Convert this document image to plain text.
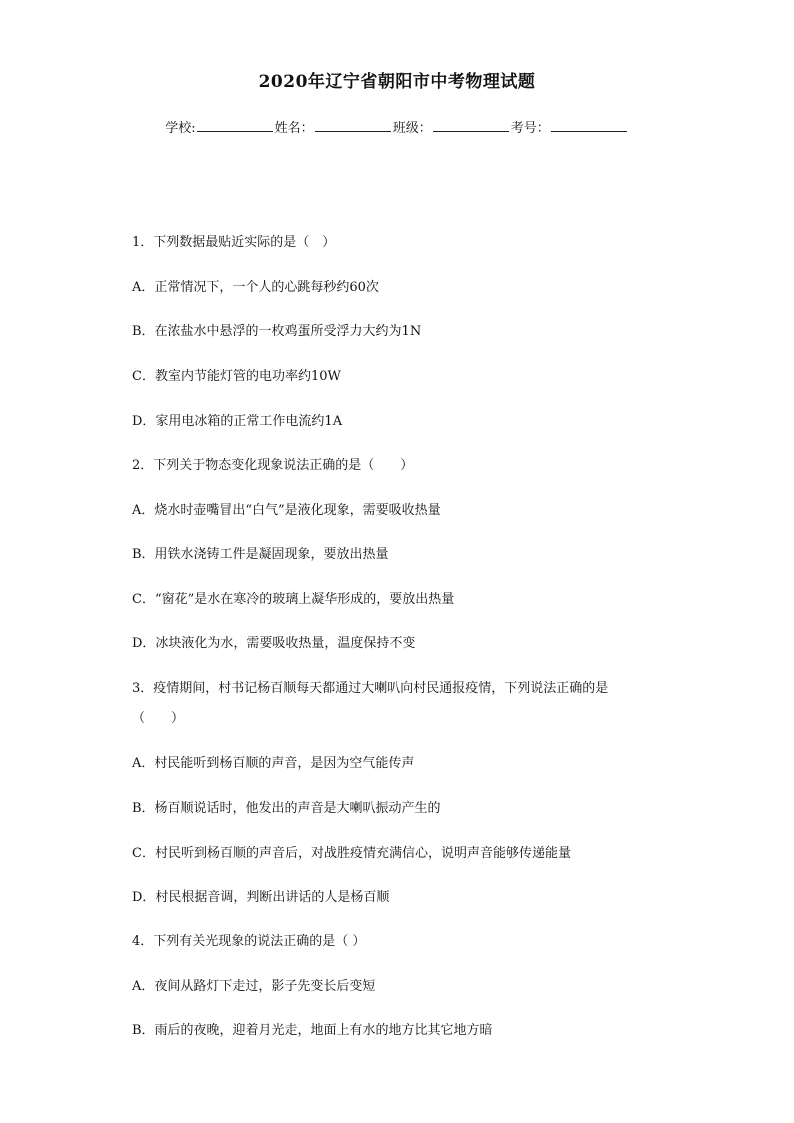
2020年辽宁省朝阳市中考物理试题
学校:	姓名：	班级：	考号：
1．下列数据最贴近实际的是（　）
A．正常情况下，一个人的心跳每秒约60次
B．在浓盐水中悬浮的一枚鸡蛋所受浮力大约为1N
C．教室内节能灯管的电功率约10W
D．家用电冰箱的正常工作电流约1A
2．下列关于物态变化现象说法正确的是（　　）
A．烧水时壶嘴冒出“白气”是液化现象，需要吸收热量
B．用铁水浇铸工件是凝固现象，要放出热量
C．“窗花”是水在寒冷的玻璃上凝华形成的，要放出热量
D．冰块液化为水，需要吸收热量，温度保持不变
3．疫情期间，村书记杨百顺每天都通过大喇叭向村民通报疫情，下列说法正确的是
（　　）
A．村民能听到杨百顺的声音，是因为空气能传声
B．杨百顺说话时，他发出的声音是大喇叭振动产生的
C．村民听到杨百顺的声音后，对战胜疫情充满信心，说明声音能够传递能量
D．村民根据音调，判断出讲话的人是杨百顺
4．下列有关光现象的说法正确的是（ ）
A．夜间从路灯下走过，影子先变长后变短
B．雨后的夜晚，迎着月光走，地面上有水的地方比其它地方暗
